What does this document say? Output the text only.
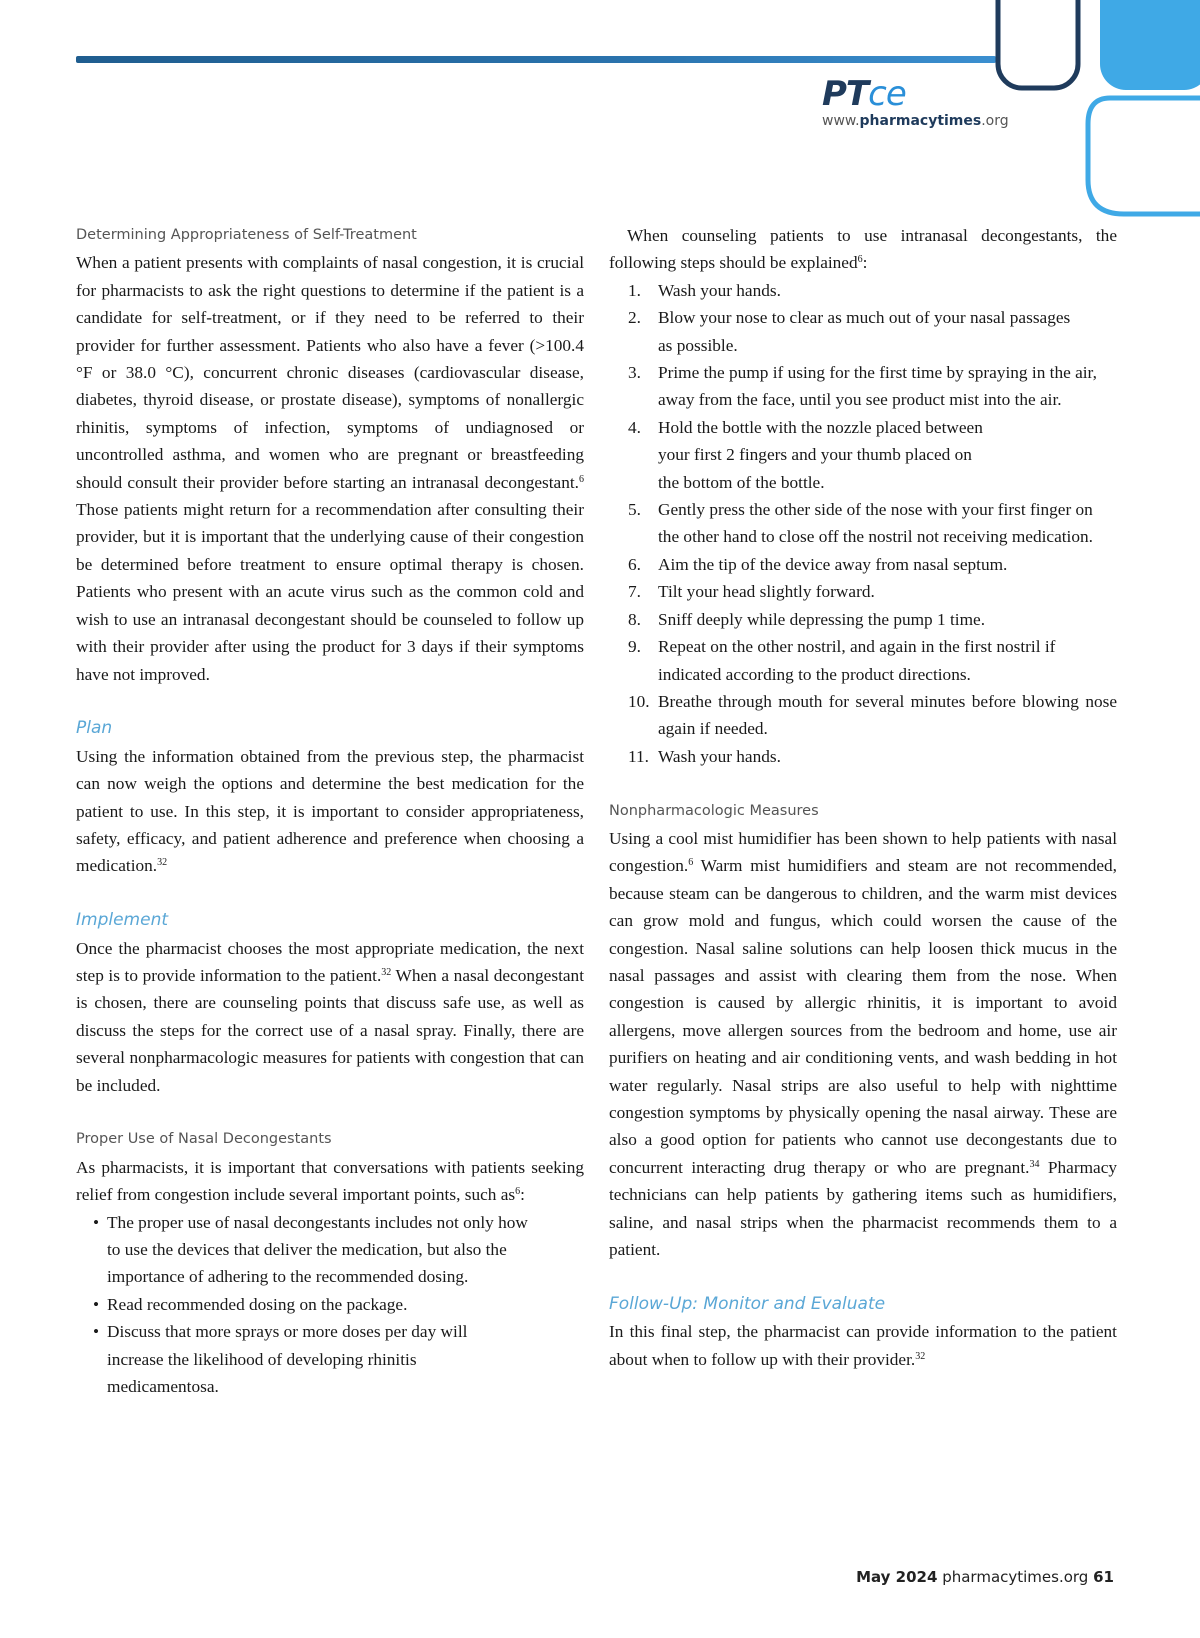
PTce
www.pharmacytimes.org
Determining Appropriateness of Self-Treatment

When a patient presents with complaints of nasal congestion, it is crucial for pharmacists to ask the right questions to determine if the patient is a candidate for self-treatment, or if they need to be referred to their provider for further assessment. Patients who also have a fever (>100.4 °F or 38.0 °C), concurrent chronic diseases (cardiovascular disease, diabetes, thyroid disease, or prostate disease), symptoms of nonallergic rhinitis, symptoms of infection, symptoms of undiagnosed or uncontrolled asthma, and women who are pregnant or breastfeeding should consult their provider before starting an intranasal decongestant.$^6$ Those patients might return for a recommendation after consulting their provider, but it is important that the underlying cause of their congestion be determined before treatment to ensure optimal therapy is chosen. Patients who present with an acute virus such as the common cold and wish to use an intranasal decongestant should be counseled to follow up with their provider after using the product for 3 days if their symptoms have not improved.

Plan

Using the information obtained from the previous step, the pharmacist can now weigh the options and determine the best medication for the patient to use. In this step, it is important to consider appropriateness, safety, efficacy, and patient adherence and preference when choosing a medication.$^{32}$

Implement

Once the pharmacist chooses the most appropriate medication, the next step is to provide information to the patient.$^{32}$ When a nasal decongestant is chosen, there are counseling points that discuss safe use, as well as discuss the steps for the correct use of a nasal spray. Finally, there are several nonpharmacologic measures for patients with congestion that can be included.

Proper Use of Nasal Decongestants

As pharmacists, it is important that conversations with patients seeking relief from congestion include several important points, such $as^6$:

• The proper use of nasal decongestants includes not only how to use the devices that deliver the medication, but also the importance of adhering to the recommended dosing.
• Read recommended dosing on the package.
• Discuss that more sprays or more doses per day will increase the likelihood of developing rhinitis medicamentosa.

When counseling patients to use intranasal decongestants, the following steps should be explained$^6$:

1. Wash your hands.
2. Blow your nose to clear as much out of your nasal passages as possible.
3. Prime the pump if using for the first time by spraying in the air, away from the face, until you see product mist into the air.
4. Hold the bottle with the nozzle placed between your first 2 fingers and your thumb placed on the bottom of the bottle.
5. Gently press the other side of the nose with your first finger on the other hand to close off the nostril not receiving medication.
6. Aim the tip of the device away from nasal septum.
7. Tilt your head slightly forward.
8. Sniff deeply while depressing the pump 1 time.
9. Repeat on the other nostril, and again in the first nostril if indicated according to the product directions.
10. Breathe through mouth for several minutes before blowing nose again if needed.
11. Wash your hands.
Nonpharmacologic Measures

Using a cool mist humidifier has been shown to help patients with nasal congestion.$^6$ Warm mist humidifiers and steam are not recommended, because steam can be dangerous to children, and the warm mist devices can grow mold and fungus, which could worsen the cause of the congestion. Nasal saline solutions can help loosen thick mucus in the nasal passages and assist with clearing them from the nose. When congestion is caused by allergic rhinitis, it is important to avoid allergens, move allergen sources from the bedroom and home, use air purifiers on heating and air conditioning vents, and wash bedding in hot water regularly. Nasal strips are also useful to help with nighttime congestion symptoms by physically opening the nasal airway. These are also a good option for patients who cannot use decongestants due to concurrent interacting drug therapy or who are pregnant.$^{34}$ Pharmacy technicians can help patients by gathering items such as humidifiers, saline, and nasal strips when the pharmacist recommends them to a patient.

Follow-Up: Monitor and Evaluate

In this final step, the pharmacist can provide information to the patient about when to follow up with their provider.$^{32}$

May 2024 pharmacytimes.org 61
